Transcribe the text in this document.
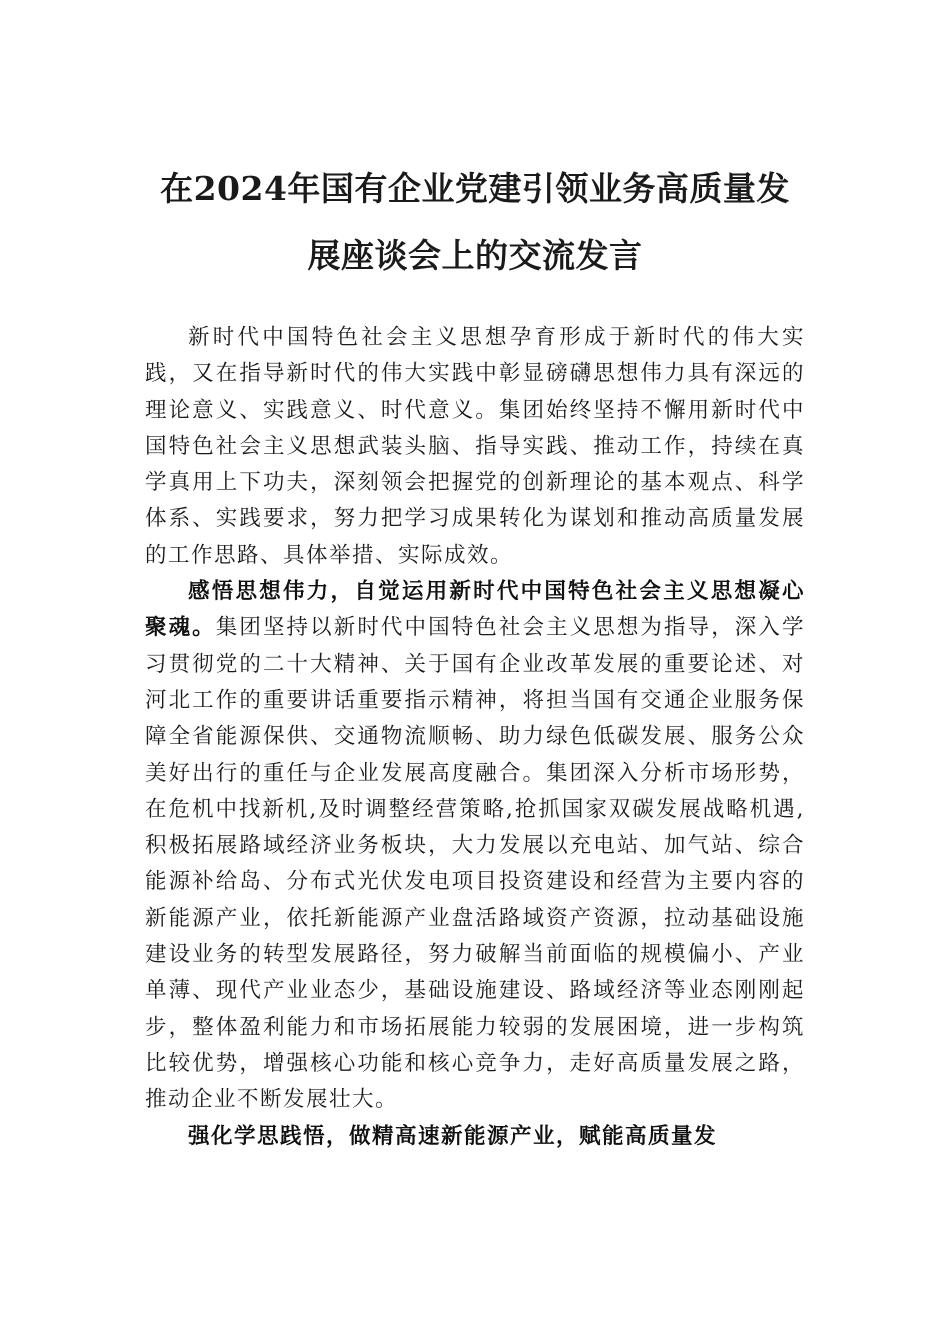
在2024年国有企业党建引领业务高质量发
展座谈会上的交流发言

新时代中国特色社会主义思想孕育形成于新时代的伟大实践，又在指导新时代的伟大实践中彰显磅礴思想伟力具有深远的理论意义、实践意义、时代意义。集团始终坚持不懈用新时代中国特色社会主义思想武装头脑、指导实践、推动工作，持续在真学真用上下功夫，深刻领会把握党的创新理论的基本观点、科学体系、实践要求，努力把学习成果转化为谋划和推动高质量发展的工作思路、具体举措、实际成效。

感悟思想伟力，自觉运用新时代中国特色社会主义思想凝心聚魂。集团坚持以新时代中国特色社会主义思想为指导，深入学习贯彻党的二十大精神、关于国有企业改革发展的重要论述、对河北工作的重要讲话重要指示精神，将担当国有交通企业服务保障全省能源保供、交通物流顺畅、助力绿色低碳发展、服务公众美好出行的重任与企业发展高度融合。集团深入分析市场形势，在危机中找新机,及时调整经营策略,抢抓国家双碳发展战略机遇,积极拓展路域经济业务板块，大力发展以充电站、加气站、综合能源补给岛、分布式光伏发电项目投资建设和经营为主要内容的新能源产业，依托新能源产业盘活路域资产资源，拉动基础设施建设业务的转型发展路径，努力破解当前面临的规模偏小、产业单薄、现代产业业态少，基础设施建设、路域经济等业态刚刚起步，整体盈利能力和市场拓展能力较弱的发展困境，进一步构筑比较优势，增强核心功能和核心竞争力，走好高质量发展之路，推动企业不断发展壮大。

强化学思践悟，做精高速新能源产业，赋能高质量发
